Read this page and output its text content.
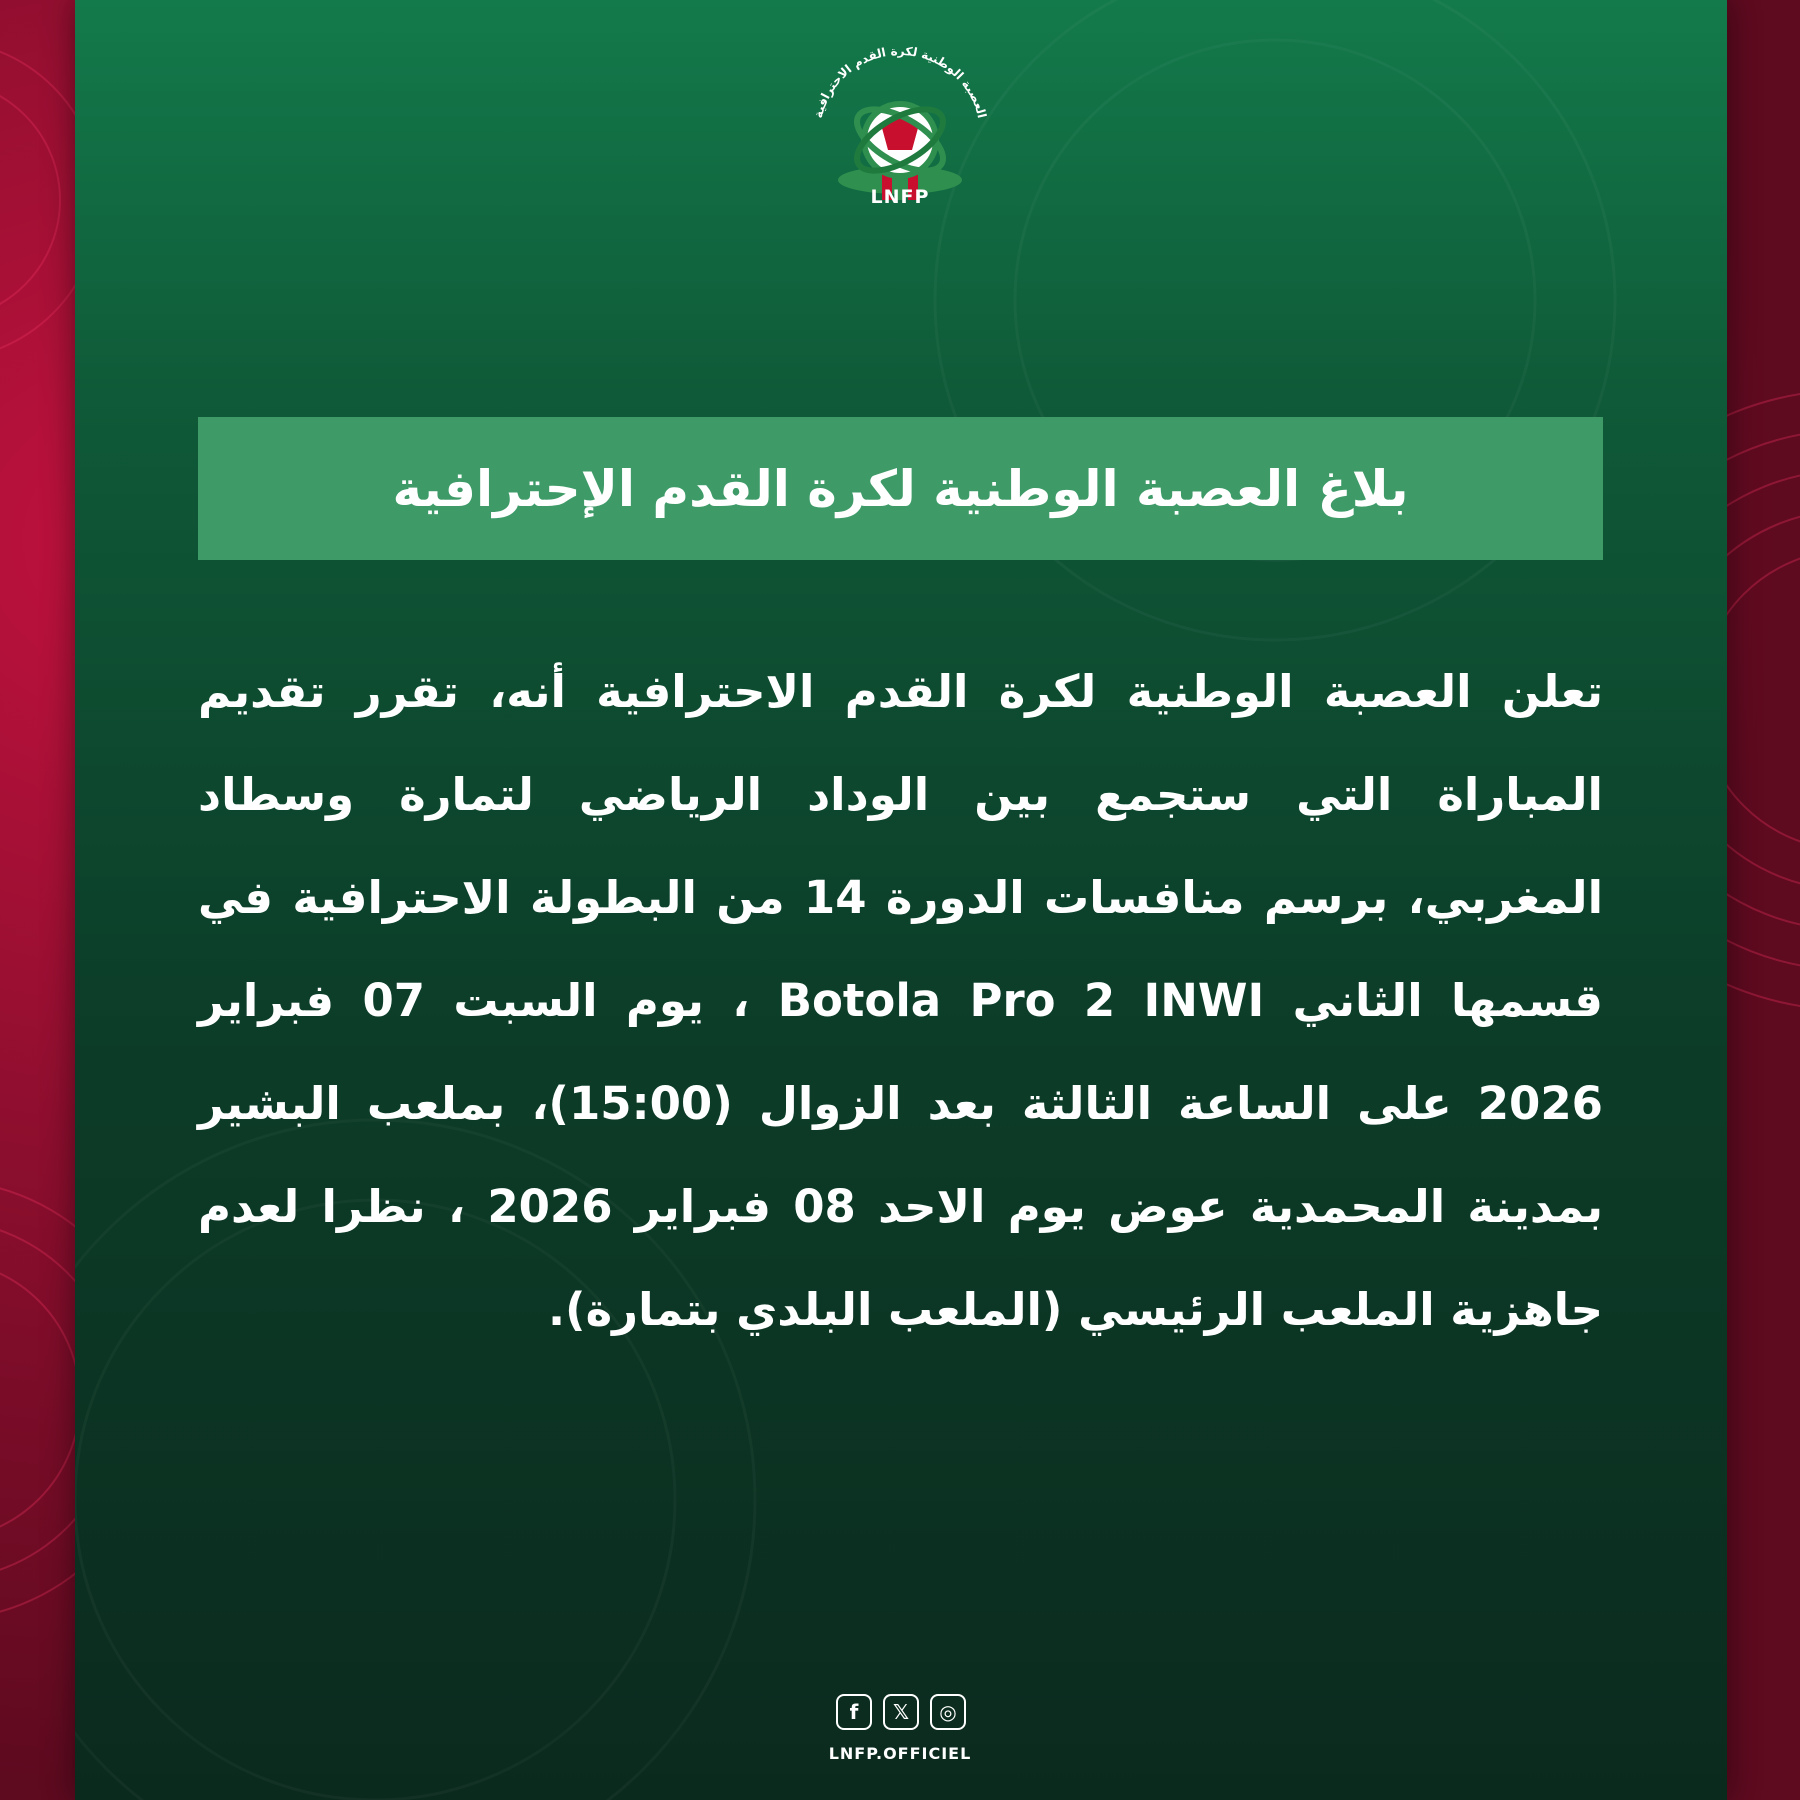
العصبة الوطنية لكرة القدم الاحترافية
LNFP
بلاغ العصبة الوطنية لكرة القدم الإحترافية
تعلن العصبة الوطنية لكرة القدم الاحترافية أنه، تقرر تقديم المباراة التي ستجمع بين الوداد الرياضي لتمارة وسطاد المغربي، برسم منافسات الدورة 14 من البطولة الاحترافية في قسمها الثاني Botola Pro 2 INWI ، يوم السبت 07 فبراير 2026 على الساعة الثالثة بعد الزوال (15:00)، بملعب البشير بمدينة المحمدية عوض يوم الاحد 08 فبراير 2026 ، نظرا لعدم جاهزية الملعب الرئيسي (الملعب البلدي بتمارة).
f	𝕏	◎
LNFP.OFFICIEL
